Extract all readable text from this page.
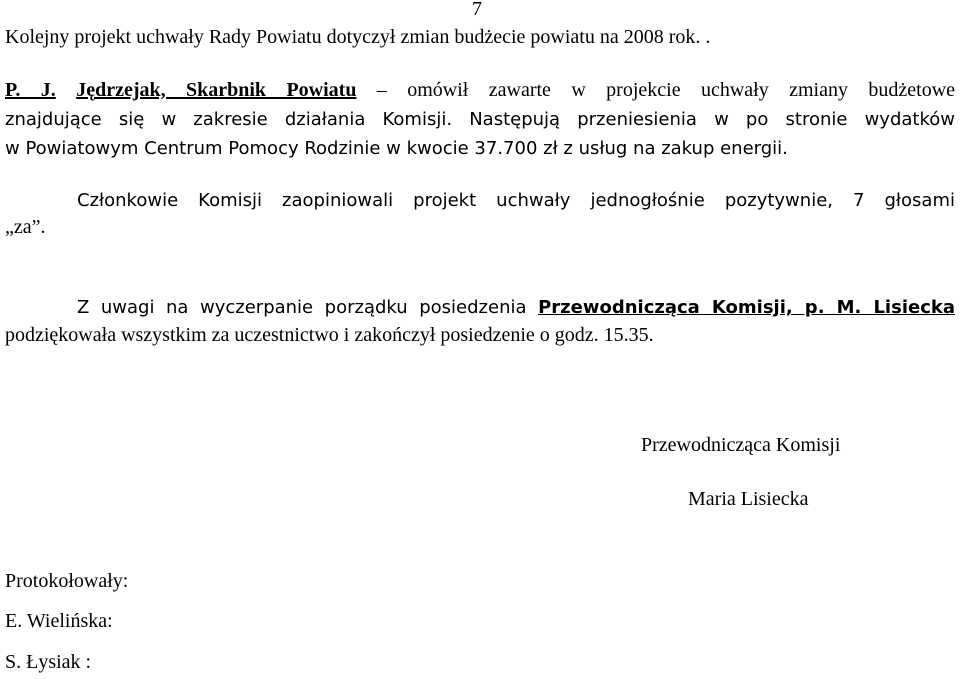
7
Kolejny projekt uchwały Rady Powiatu dotyczył zmian budżecie powiatu na 2008 rok. .
P. J. Jędrzejak, Skarbnik Powiatu – omówił zawarte w projekcie uchwały zmiany budżetowe
znajdujące się w zakresie działania Komisji. Następują przeniesienia w po stronie wydatków
w Powiatowym Centrum Pomocy Rodzinie w kwocie 37.700 zł z usług na zakup energii.
Członkowie Komisji zaopiniowali projekt uchwały jednogłośnie pozytywnie, 7 głosami
„za”.
Z uwagi na wyczerpanie porządku posiedzenia Przewodnicząca Komisji, p. M. Lisiecka
podziękowała wszystkim za uczestnictwo i zakończył posiedzenie o godz. 15.35.
Przewodnicząca Komisji
Maria Lisiecka
Protokołowały:
E. Wielińska:
S. Łysiak :
